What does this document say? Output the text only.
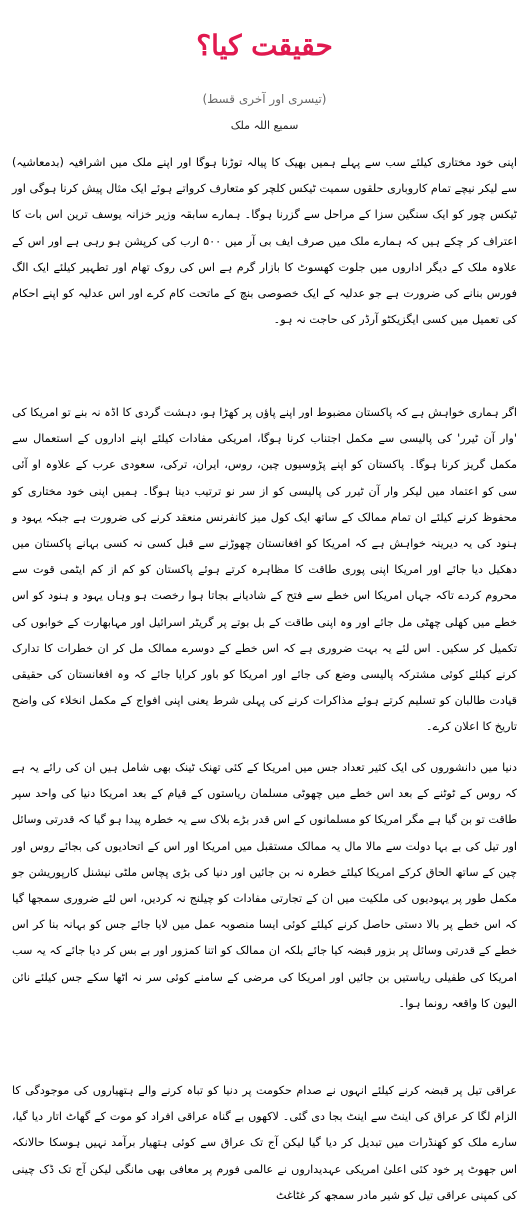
حقیقت کیا؟
(تیسری اور آخری قسط)
سمیع اللہ ملک

اپنی خود مختاری کیلئے سب سے پہلے ہمیں بھیک کا پیالہ توڑنا ہوگا اور اپنے ملک میں اشرافیہ (بدمعاشیہ) سے لیکر نیچے تمام کاروباری حلقوں سمیت ٹیکس کلچر کو متعارف کرواتے ہوئے ایک مثال پیش کرنا ہوگی اور ٹیکس چور کو ایک سنگین سزا کے مراحل سے گزرنا ہوگا۔ ہمارے سابقہ وزیر خزانہ یوسف ترین اس بات کا اعتراف کر چکے ہیں کہ ہمارے ملک میں صرف ایف بی آر میں ۵۰۰ ارب کی کرپشن ہو رہی ہے اور اس کے علاوہ ملک کے دیگر اداروں میں جلوت کھسوٹ کا بازار گرم ہے اس کی روک تھام اور تطہیر کیلئے ایک الگ فورس بنانے کی ضرورت ہے جو عدلیہ کے ایک خصوصی بنچ کے ماتحت کام کرے اور اس عدلیہ کو اپنے احکام کی تعمیل میں کسی ایگزیکٹو آرڈر کی حاجت نہ ہو۔

اگر ہماری خواہش ہے کہ پاکستان مضبوط اور اپنے پاؤں پر کھڑا ہو، دہشت گردی کا اڈہ نہ بنے تو امریکا کی 'وار آن ٹیرر' کی پالیسی سے مکمل اجتناب کرنا ہوگا، امریکی مفادات کیلئے اپنے اداروں کے استعمال سے مکمل گریز کرنا ہوگا۔ پاکستان کو اپنے پڑوسیوں چین، روس، ایران، ترکی، سعودی عرب کے علاوہ او آئی سی کو اعتماد میں لیکر وار آن ٹیرر کی پالیسی کو از سر نو ترتیب دینا ہوگا۔ ہمیں اپنی خود مختاری کو محفوظ کرنے کیلئے ان تمام ممالک کے ساتھ ایک کول میز کانفرنس منعقد کرنے کی ضرورت ہے جبکہ یہود و ہنود کی یہ دیرینہ خواہش ہے کہ امریکا کو افغانستان چھوڑنے سے قبل کسی نہ کسی بہانے پاکستان میں دھکیل دیا جائے اور امریکا اپنی پوری طاقت کا مظاہرہ کرتے ہوئے پاکستان کو کم از کم ایٹمی قوت سے محروم کردے تاکہ جہاں امریکا اس خطے سے فتح کے شادیانے بجاتا ہوا رخصت ہو وہاں یہود و ہنود کو اس خطے میں کھلی چھٹی مل جائے اور وہ اپنی طاقت کے بل بوتے پر گریٹر اسرائیل اور مہابھارت کے خوابوں کی تکمیل کر سکیں۔ اس لئے یہ بہت ضروری ہے کہ اس خطے کے دوسرے ممالک مل کر ان خطرات کا تدارک کرنے کیلئے کوئی مشترکہ پالیسی وضع کی جائے اور امریکا کو باور کرایا جائے کہ وہ افغانستان کی حقیقی قیادت طالبان کو تسلیم کرتے ہوئے مذاکرات کرنے کی پہلی شرط یعنی اپنی افواج کے مکمل انخلاء کی واضح تاریخ کا اعلان کرے۔

دنیا میں دانشوروں کی ایک کثیر تعداد جس میں امریکا کے کئی تھنک ٹینک بھی شامل ہیں ان کی رائے یہ ہے کہ روس کے ٹوٹنے کے بعد اس خطے میں چھوٹی مسلمان ریاستوں کے قیام کے بعد امریکا دنیا کی واحد سپر طاقت تو بن گیا ہے مگر امریکا کو مسلمانوں کے اس قدر بڑے بلاک سے یہ خطرہ پیدا ہو گیا کہ قدرتی وسائل اور تیل کی بے بہا دولت سے مالا مال یہ ممالک مستقبل میں امریکا اور اس کے اتحادیوں کی بجائے روس اور چین کے ساتھ الحاق کرکے امریکا کیلئے خطرہ نہ بن جائیں اور دنیا کی بڑی پچاس ملٹی نیشنل کارپوریشن جو مکمل طور پر یہودیوں کی ملکیت میں ان کے تجارتی مفادات کو چیلنج نہ کردیں، اس لئے ضروری سمجھا گیا کہ اس خطے پر بالا دستی حاصل کرنے کیلئے کوئی ایسا منصوبہ عمل میں لایا جائے جس کو بہانہ بنا کر اس خطے کے قدرتی وسائل پر بزور قبضہ کیا جائے بلکہ ان ممالک کو اتنا کمزور اور بے بس کر دیا جائے کہ یہ سب امریکا کی طفیلی ریاستیں بن جائیں اور امریکا کی مرضی کے سامنے کوئی سر نہ اٹھا سکے جس کیلئے نائن الیون کا واقعہ رونما ہوا۔

عراقی تیل پر قبضہ کرنے کیلئے انہوں نے صدام حکومت پر دنیا کو تباہ کرنے والے ہتھیاروں کی موجودگی کا الزام لگا کر عراق کی اینٹ سے اینٹ بجا دی گئی۔ لاکھوں بے گناہ عراقی افراد کو موت کے گھاٹ اتار دیا گیا، سارے ملک کو کھنڈرات میں تبدیل کر دیا گیا لیکن آج تک عراق سے کوئی ہتھیار برآمد نہیں ہوسکا حالانکہ اس جھوٹ پر خود کئی اعلیٰ امریکی عہدیداروں نے عالمی فورم پر معافی بھی مانگی لیکن آج تک ڈک چینی کی کمپنی عراقی تیل کو شیر مادر سمجھ کر غٹاغٹ
